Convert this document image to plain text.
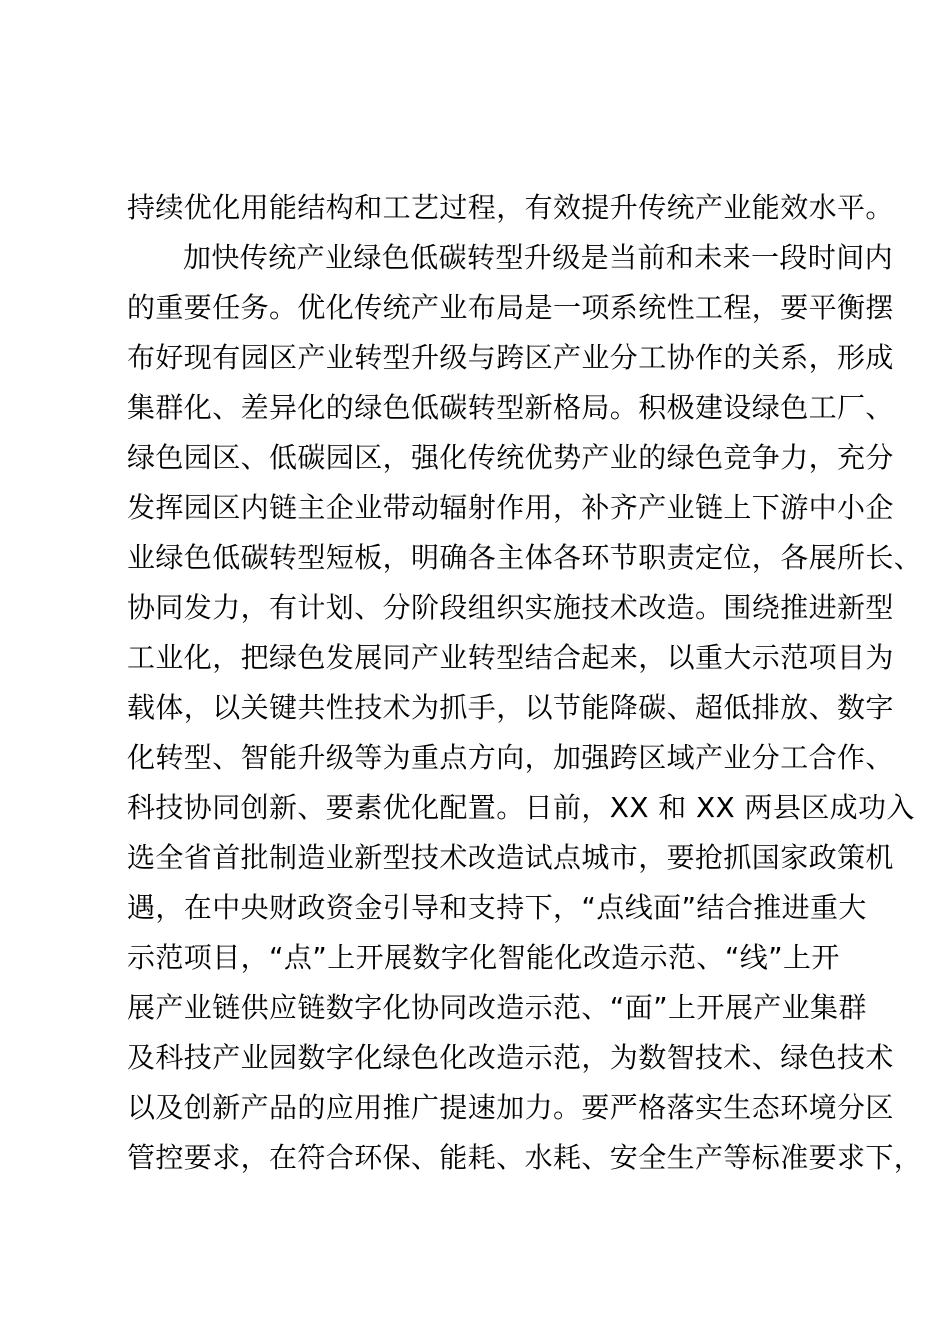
持续优化用能结构和工艺过程，有效提升传统产业能效水平。
加快传统产业绿色低碳转型升级是当前和未来一段时间内
的重要任务。优化传统产业布局是一项系统性工程，要平衡摆
布好现有园区产业转型升级与跨区产业分工协作的关系，形成
集群化、差异化的绿色低碳转型新格局。积极建设绿色工厂、
绿色园区、低碳园区，强化传统优势产业的绿色竞争力，充分
发挥园区内链主企业带动辐射作用，补齐产业链上下游中小企
业绿色低碳转型短板，明确各主体各环节职责定位，各展所长、
协同发力，有计划、分阶段组织实施技术改造。围绕推进新型
工业化，把绿色发展同产业转型结合起来，以重大示范项目为
载体，以关键共性技术为抓手，以节能降碳、超低排放、数字
化转型、智能升级等为重点方向，加强跨区域产业分工合作、
科技协同创新、要素优化配置。日前，XX 和 XX 两县区成功入
选全省首批制造业新型技术改造试点城市，要抢抓国家政策机
遇，在中央财政资金引导和支持下，“点线面”结合推进重大
示范项目，“点”上开展数字化智能化改造示范、“线”上开
展产业链供应链数字化协同改造示范、“面”上开展产业集群
及科技产业园数字化绿色化改造示范，为数智技术、绿色技术
以及创新产品的应用推广提速加力。要严格落实生态环境分区
管控要求，在符合环保、能耗、水耗、安全生产等标准要求下，
